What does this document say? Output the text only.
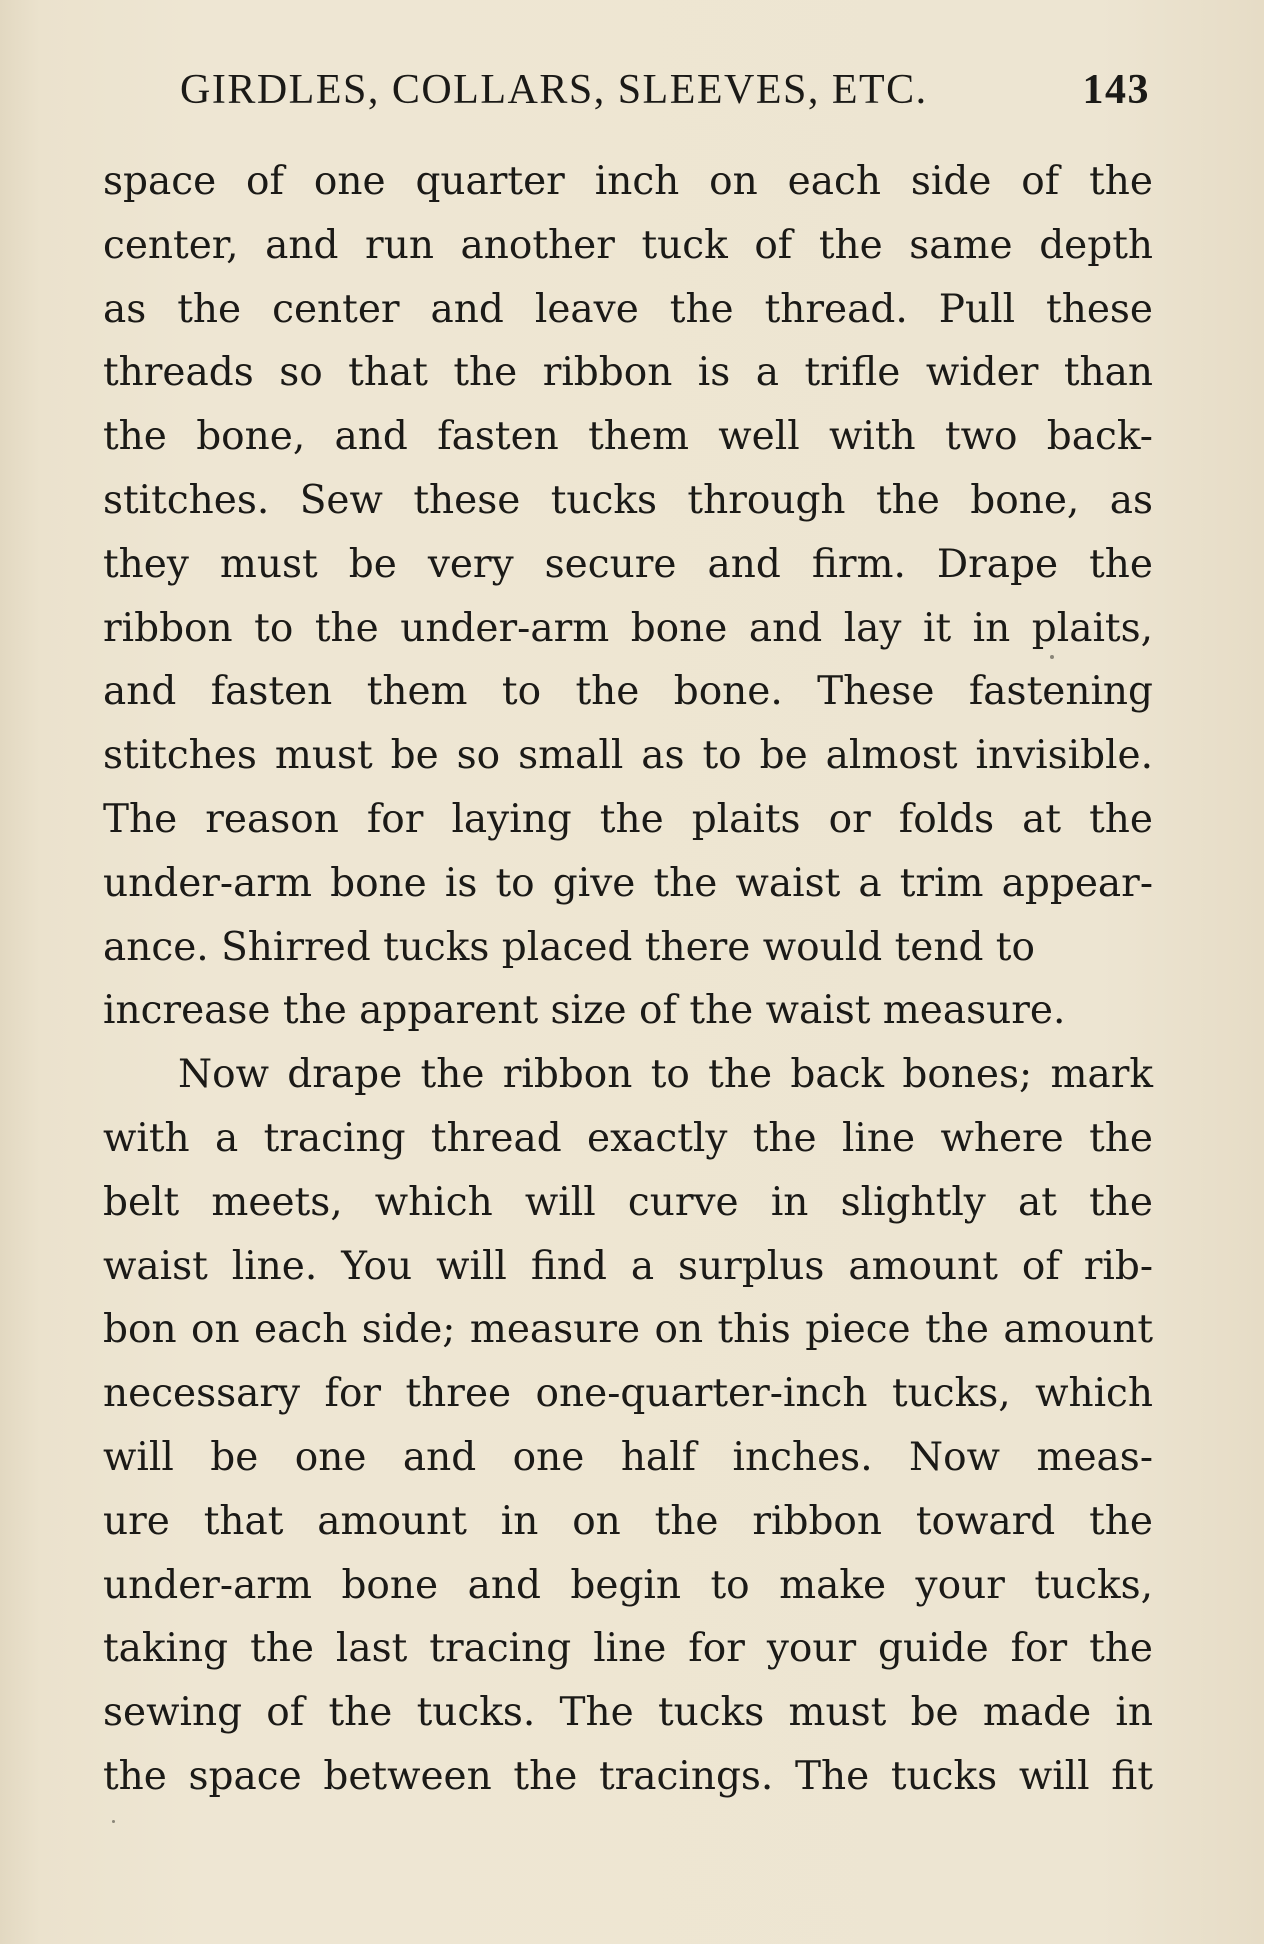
GIRDLES, COLLARS, SLEEVES, ETC.	143
space of one quarter inch on each side of the
center, and run another tuck of the same depth
as the center and leave the thread. Pull these
threads so that the ribbon is a trifle wider than
the bone, and fasten them well with two back-
stitches. Sew these tucks through the bone, as
they must be very secure and firm. Drape the
ribbon to the under-arm bone and lay it in plaits,
and fasten them to the bone. These fastening
stitches must be so small as to be almost invisible.
The reason for laying the plaits or folds at the
under-arm bone is to give the waist a trim appear-
ance. Shirred tucks placed there would tend to
increase the apparent size of the waist measure.
Now drape the ribbon to the back bones; mark
with a tracing thread exactly the line where the
belt meets, which will curve in slightly at the
waist line. You will find a surplus amount of rib-
bon on each side; measure on this piece the amount
necessary for three one-quarter-inch tucks, which
will be one and one half inches. Now meas-
ure that amount in on the ribbon toward the
under-arm bone and begin to make your tucks,
taking the last tracing line for your guide for the
sewing of the tucks. The tucks must be made in
the space between the tracings. The tucks will fit
